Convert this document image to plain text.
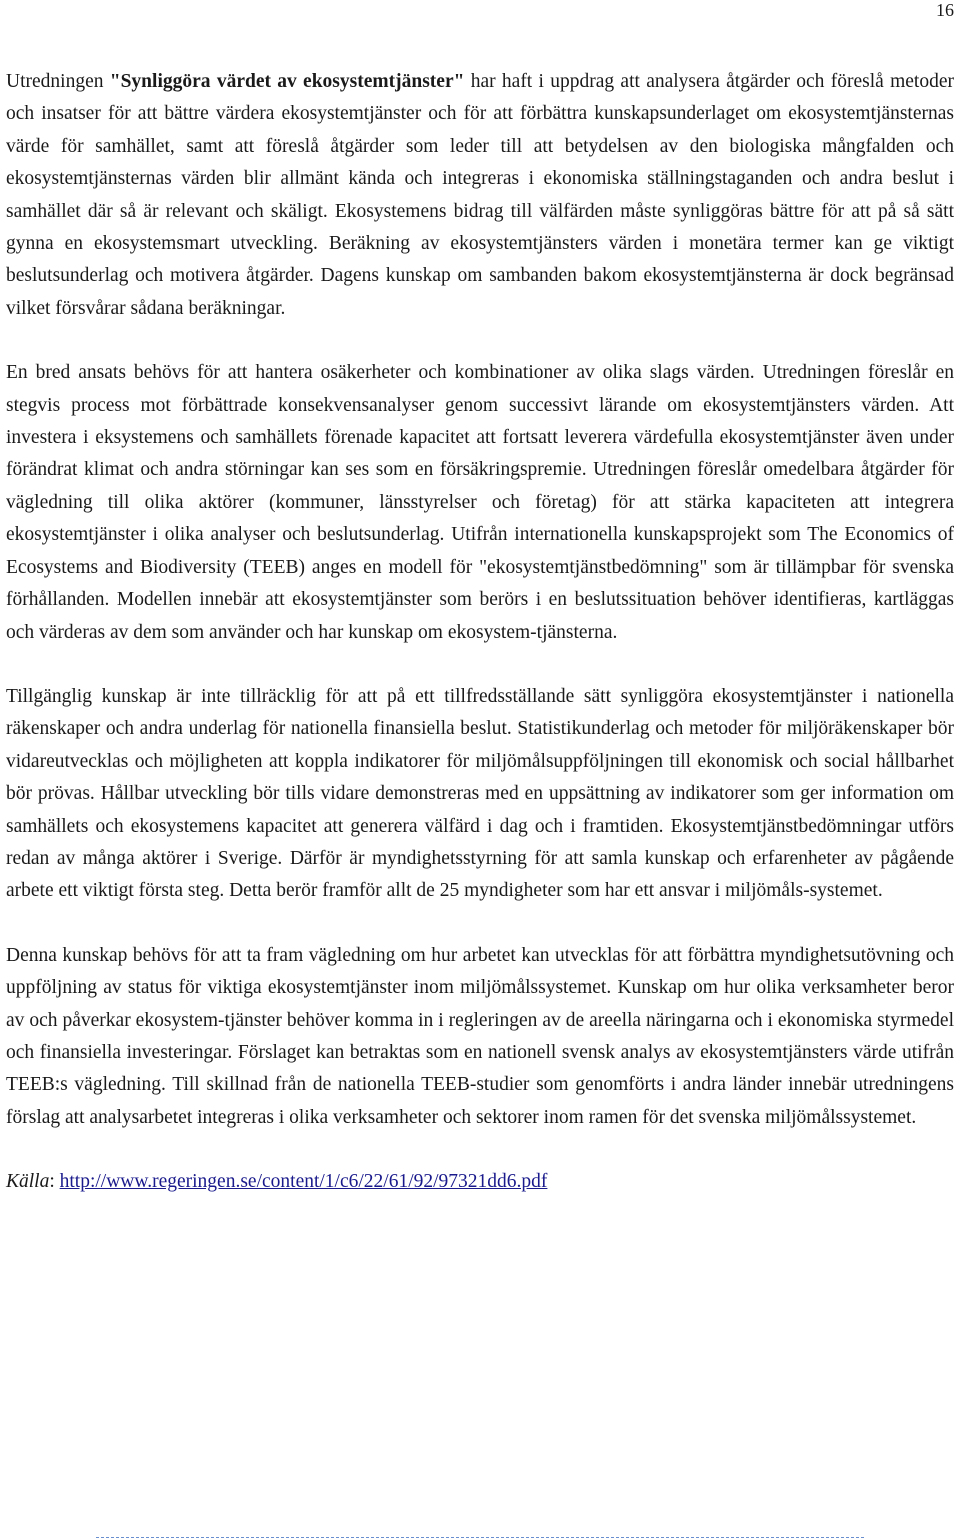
16

Utredningen "Synliggöra värdet av ekosystemtjänster" har haft i uppdrag att analysera åtgärder och föreslå metoder och insatser för att bättre värdera ekosystemtjänster och för att förbättra kunskapsunderlaget om ekosystemtjänsternas värde för samhället, samt att föreslå åtgärder som leder till att betydelsen av den biologiska mångfalden och ekosystemtjänsternas värden blir allmänt kända och integreras i ekonomiska ställningstaganden och andra beslut i samhället där så är relevant och skäligt. Ekosystemens bidrag till välfärden måste synliggöras bättre för att på så sätt gynna en ekosystemsmart utveckling. Beräkning av ekosystemtjänsters värden i monetära termer kan ge viktigt beslutsunderlag och motivera åtgärder. Dagens kunskap om sambanden bakom ekosystemtjänsterna är dock begränsad vilket försvårar sådana beräkningar.

En bred ansats behövs för att hantera osäkerheter och kombinationer av olika slags värden. Utredningen föreslår en stegvis process mot förbättrade konsekvensanalyser genom successivt lärande om ekosystemtjänsters värden. Att investera i eksystemens och samhällets förenade kapacitet att fortsatt leverera värdefulla ekosystemtjänster även under förändrat klimat och andra störningar kan ses som en försäkringspremie. Utredningen föreslår omedelbara åtgärder för vägledning till olika aktörer (kommuner, länsstyrelser och företag) för att stärka kapaciteten att integrera ekosystemtjänster i olika analyser och beslutsunderlag. Utifrån internationella kunskapsprojekt som The Economics of Ecosystems and Biodiversity (TEEB) anges en modell för "ekosystemtjänstbedömning" som är tillämpbar för svenska förhållanden. Modellen innebär att ekosystemtjänster som berörs i en beslutssituation behöver identifieras, kartläggas och värderas av dem som använder och har kunskap om ekosystem-tjänsterna.

Tillgänglig kunskap är inte tillräcklig för att på ett tillfredsställande sätt synliggöra ekosystemtjänster i nationella räkenskaper och andra underlag för nationella finansiella beslut. Statistikunderlag och metoder för miljöräkenskaper bör vidareutvecklas och möjligheten att koppla indikatorer för miljömålsuppföljningen till ekonomisk och social hållbarhet bör prövas. Hållbar utveckling bör tills vidare demonstreras med en uppsättning av indikatorer som ger information om samhällets och ekosystemens kapacitet att generera välfärd i dag och i framtiden. Ekosystemtjänstbedömningar utförs redan av många aktörer i Sverige. Därför är myndighetsstyrning för att samla kunskap och erfarenheter av pågående arbete ett viktigt första steg. Detta berör framför allt de 25 myndigheter som har ett ansvar i miljömåls-systemet.

Denna kunskap behövs för att ta fram vägledning om hur arbetet kan utvecklas för att förbättra myndighetsutövning och uppföljning av status för viktiga ekosystemtjänster inom miljömålssystemet. Kunskap om hur olika verksamheter beror av och påverkar ekosystem-tjänster behöver komma in i regleringen av de areella näringarna och i ekonomiska styrmedel och finansiella investeringar. Förslaget kan betraktas som en nationell svensk analys av ekosystemtjänsters värde utifrån TEEB:s vägledning. Till skillnad från de nationella TEEB-studier som genomförts i andra länder innebär utredningens förslag att analysarbetet integreras i olika verksamheter och sektorer inom ramen för det svenska miljömålssystemet.

Källa: http://www.regeringen.se/content/1/c6/22/61/92/97321dd6.pdf
